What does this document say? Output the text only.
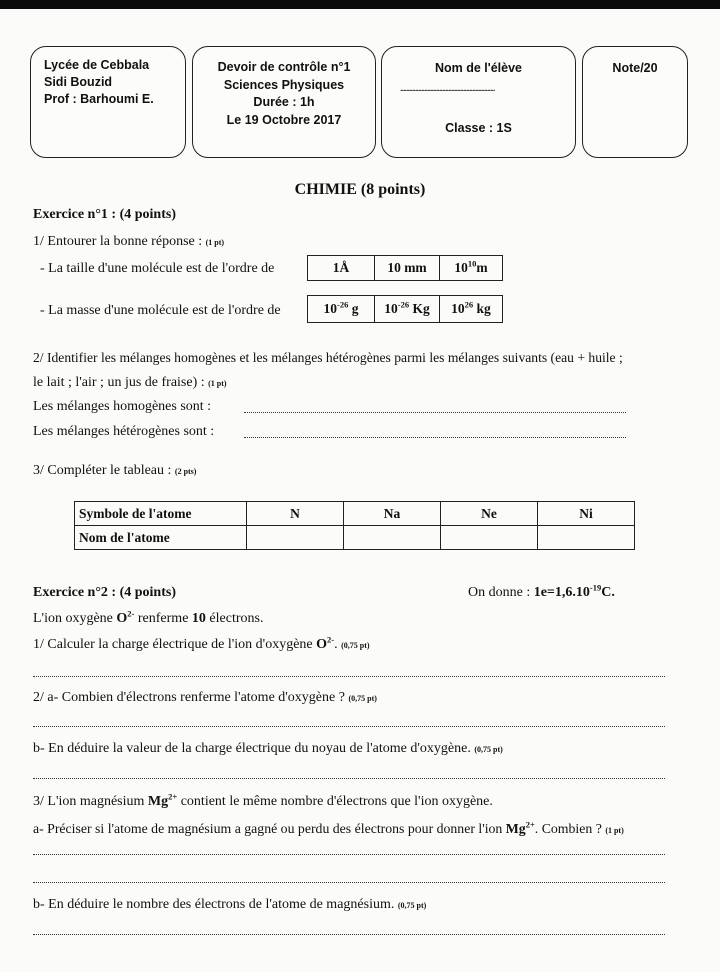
Lycée de Cebbala
Sidi Bouzid
Prof : Barhoumi E.
Devoir de contrôle n°1
Sciences Physiques
Durée : 1h
Le 19 Octobre 2017
Nom de l'élève
...............................................................
Classe : 1S
Note/20
CHIMIE (8 points)
Exercice n°1 : (4 points)
1/ Entourer la bonne réponse : (1 pt)
- La taille d'une molécule est de l'ordre de	1Å	10 mm	$10^{10}m$
- La masse d'une molécule est de l'ordre de	$10^{-26}$ g	$10^{-26}$ Kg	$10^{26}$ kg
2/ Identifier les mélanges homogènes et les mélanges hétérogènes parmi les mélanges suivants (eau + huile ;
le lait ; l'air ; un jus de fraise) : (1 pt)
Les mélanges homogènes sont :
Les mélanges hétérogènes sont :
3/ Compléter le tableau : (2 pts)
Symbole de l'atome	N	Na	Ne	Ni
Nom de l'atome				
Exercice n°2 : (4 points)	On donne : $1e=1,6.10^{-19}C$.
L'ion oxygène $O^{2-}$ renferme 10 électrons.
1/ Calculer la charge électrique de l'ion d'oxygène $O^{2-}$. (0,75 pt)
2/ a- Combien d'électrons renferme l'atome d'oxygène ? (0,75 pt)
b- En déduire la valeur de la charge électrique du noyau de l'atome d'oxygène. (0,75 pt)
3/ L'ion magnésium $Mg^{2+}$ contient le même nombre d'électrons que l'ion oxygène.
a- Préciser si l'atome de magnésium a gagné ou perdu des électrons pour donner l'ion $Mg^{2+}$. Combien ? (1 pt)
b- En déduire le nombre des électrons de l'atome de magnésium. (0,75 pt)
